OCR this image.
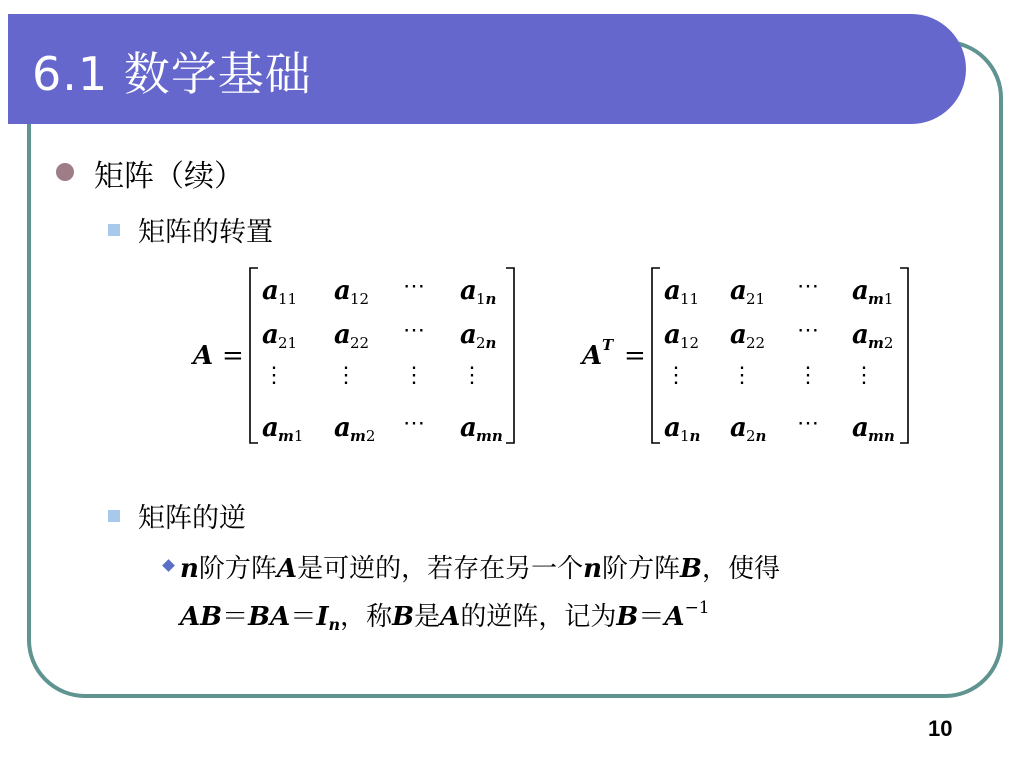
6.1 数学基础
矩阵（续）
矩阵的转置
A =	A T =
a 11 a 12 ⋯ a 1n
a 21 a 22 ⋯ a 2n
⋮ ⋮ ⋮ ⋮
a m1 a m2 ⋯ a mn
a 11 a 21 ⋯ a m1
a 12 a 22 ⋯ a m2
⋮ ⋮ ⋮ ⋮
a 1n a 2n ⋯ a mn
矩阵的逆
n阶方阵A是可逆的，若存在另一个n阶方阵B，使得
$AB=BA=I_n$，称B是A的逆阵，记为$B=A^{-1}$
10
